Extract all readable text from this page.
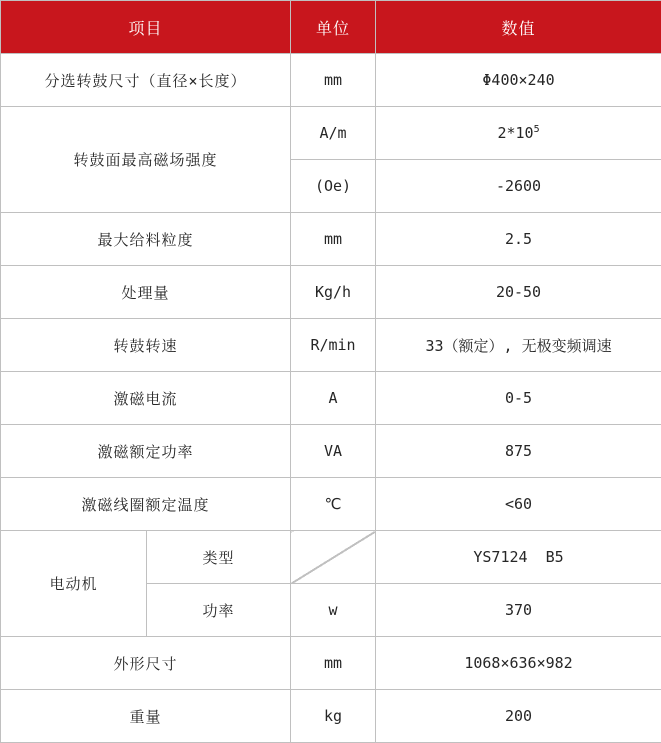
项目		单位	数值
分选转鼓尺寸（直径×长度）		mm	Φ400×240
转鼓面最高磁场强度		A/m	$2*10^5$
		(Oe)	-2600
最大给料粒度		mm	2.5
处理量		Kg/h	20-50
转鼓转速		R/min	33（额定）, 无极变频调速
激磁电流		A	0-5
激磁额定功率		VA	875
激磁线圈额定温度		℃	<60
电动机	类型		YS7124  B5
	功率	w	370
外形尺寸		mm	1068×636×982
重量		kg	200
